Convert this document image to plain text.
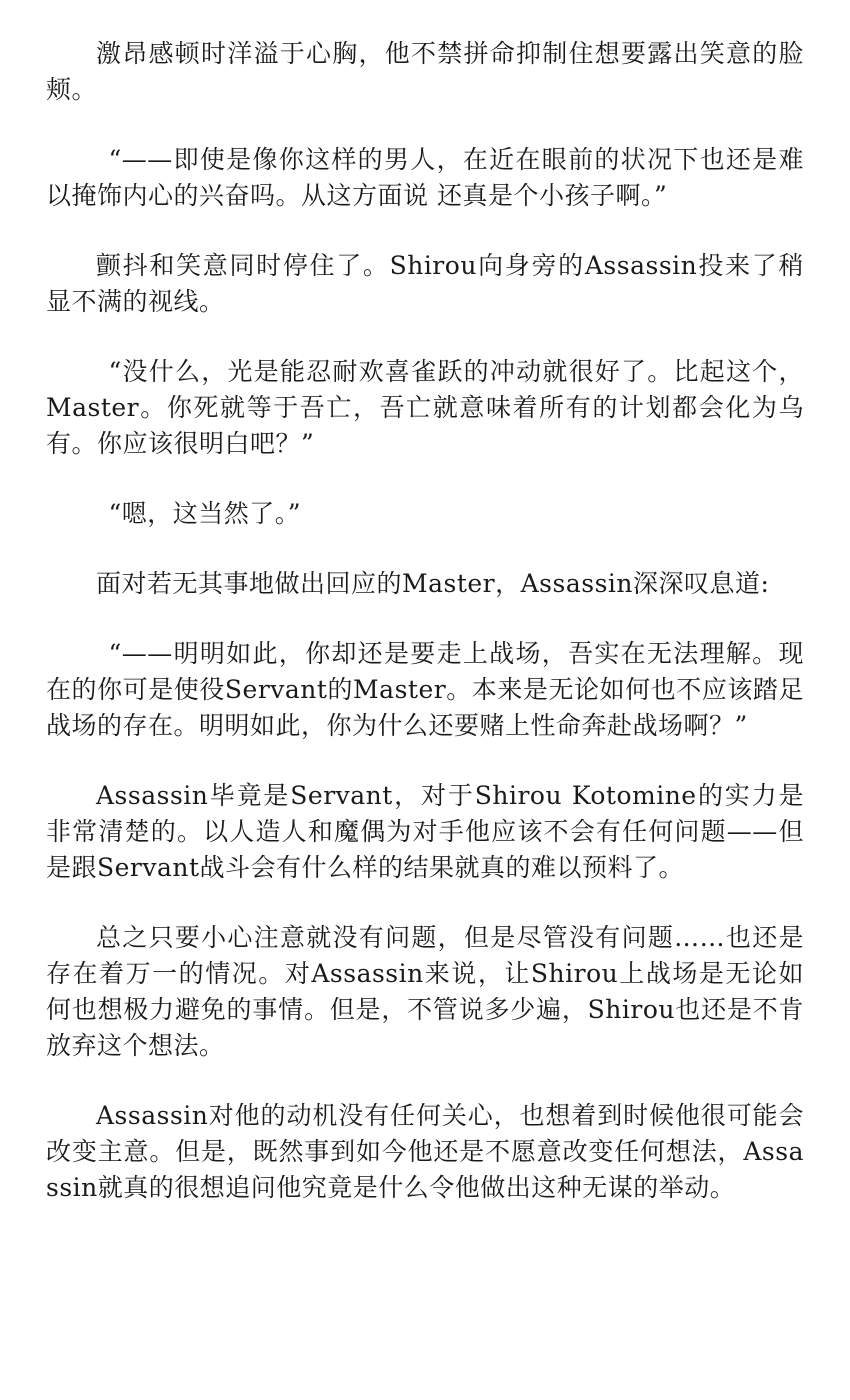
激昂感顿时洋溢于心胸，他不禁拼命抑制住想要露出笑意的脸颊。

“——即使是像你这样的男人，在近在眼前的状况下也还是难以掩饰内心的兴奋吗。从这方面说 还真是个小孩子啊。”

颤抖和笑意同时停住了。Shirou向身旁的Assassin投来了稍显不满的视线。

“没什么，光是能忍耐欢喜雀跃的冲动就很好了。比起这个，Master。你死就等于吾亡，吾亡就意味着所有的计划都会化为乌有。你应该很明白吧？”

“嗯，这当然了。”

面对若无其事地做出回应的Master，Assassin深深叹息道:

“——明明如此，你却还是要走上战场，吾实在无法理解。现在的你可是使役Servant的Master。本来是无论如何也不应该踏足战场的存在。明明如此，你为什么还要赌上性命奔赴战场啊？”

Assassin毕竟是Servant，对于Shirou Kotomine的实力是非常清楚的。以人造人和魔偶为对手他应该不会有任何问题——但是跟Servant战斗会有什么样的结果就真的难以预料了。

总之只要小心注意就没有问题，但是尽管没有问题……也还是存在着万一的情况。对Assassin来说，让Shirou上战场是无论如何也想极力避免的事情。但是，不管说多少遍，Shirou也还是不肯放弃这个想法。

Assassin对他的动机没有任何关心，也想着到时候他很可能会改变主意。但是，既然事到如今他还是不愿意改变任何想法，Assassin就真的很想追问他究竟是什么令他做出这种无谋的举动。
